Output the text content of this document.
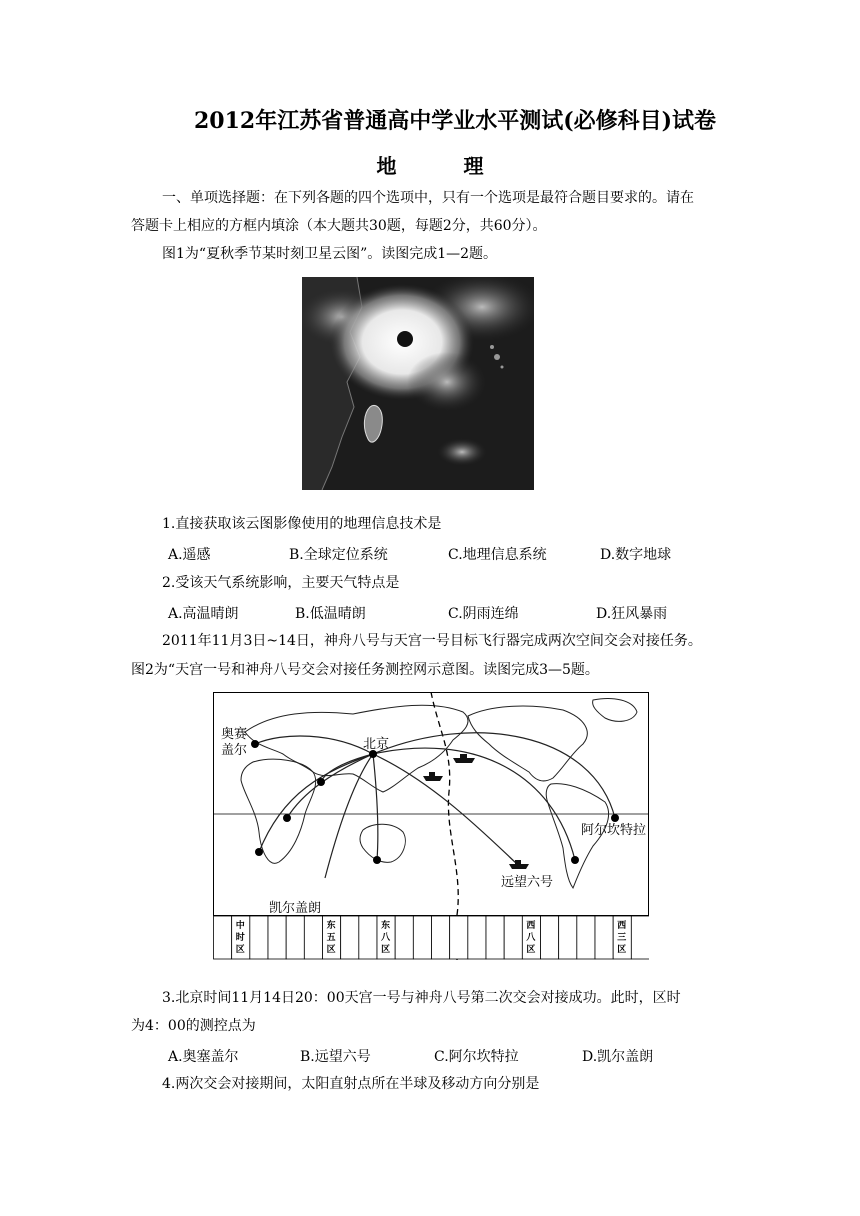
2012年江苏省普通高中学业水平测试(必修科目)试卷
地	理
一、单项选择题：在下列各题的四个选项中，只有一个选项是最符合题目要求的。请在
答题卡上相应的方框内填涂（本大题共30题，每题2分，共60分）。
图1为“夏秋季节某时刻卫星云图”。读图完成1—2题。
1.直接获取该云图影像使用的地理信息技术是
A.遥感	B.全球定位系统	C.地理信息系统	D.数字地球
2.受该天气系统影响，主要天气特点是
A.高温晴朗	B.低温晴朗	C.阴雨连绵	D.狂风暴雨
2011年11月3日~14日，神舟八号与天宫一号目标飞行器完成两次空间交会对接任务。
图2为“天宫一号和神舟八号交会对接任务测控网示意图。读图完成3—5题。
奥赛
盖尔	北京
阿尔坎特拉
远望六号
凯尔盖朗
中
时
区
东
五
区
东
八
区
西
八
区
西
三
区
3.北京时间11月14日20：00天宫一号与神舟八号第二次交会对接成功。此时，区时
为4：00的测控点为
A.奥塞盖尔	B.远望六号	C.阿尔坎特拉	D.凯尔盖朗
4.两次交会对接期间，太阳直射点所在半球及移动方向分别是
